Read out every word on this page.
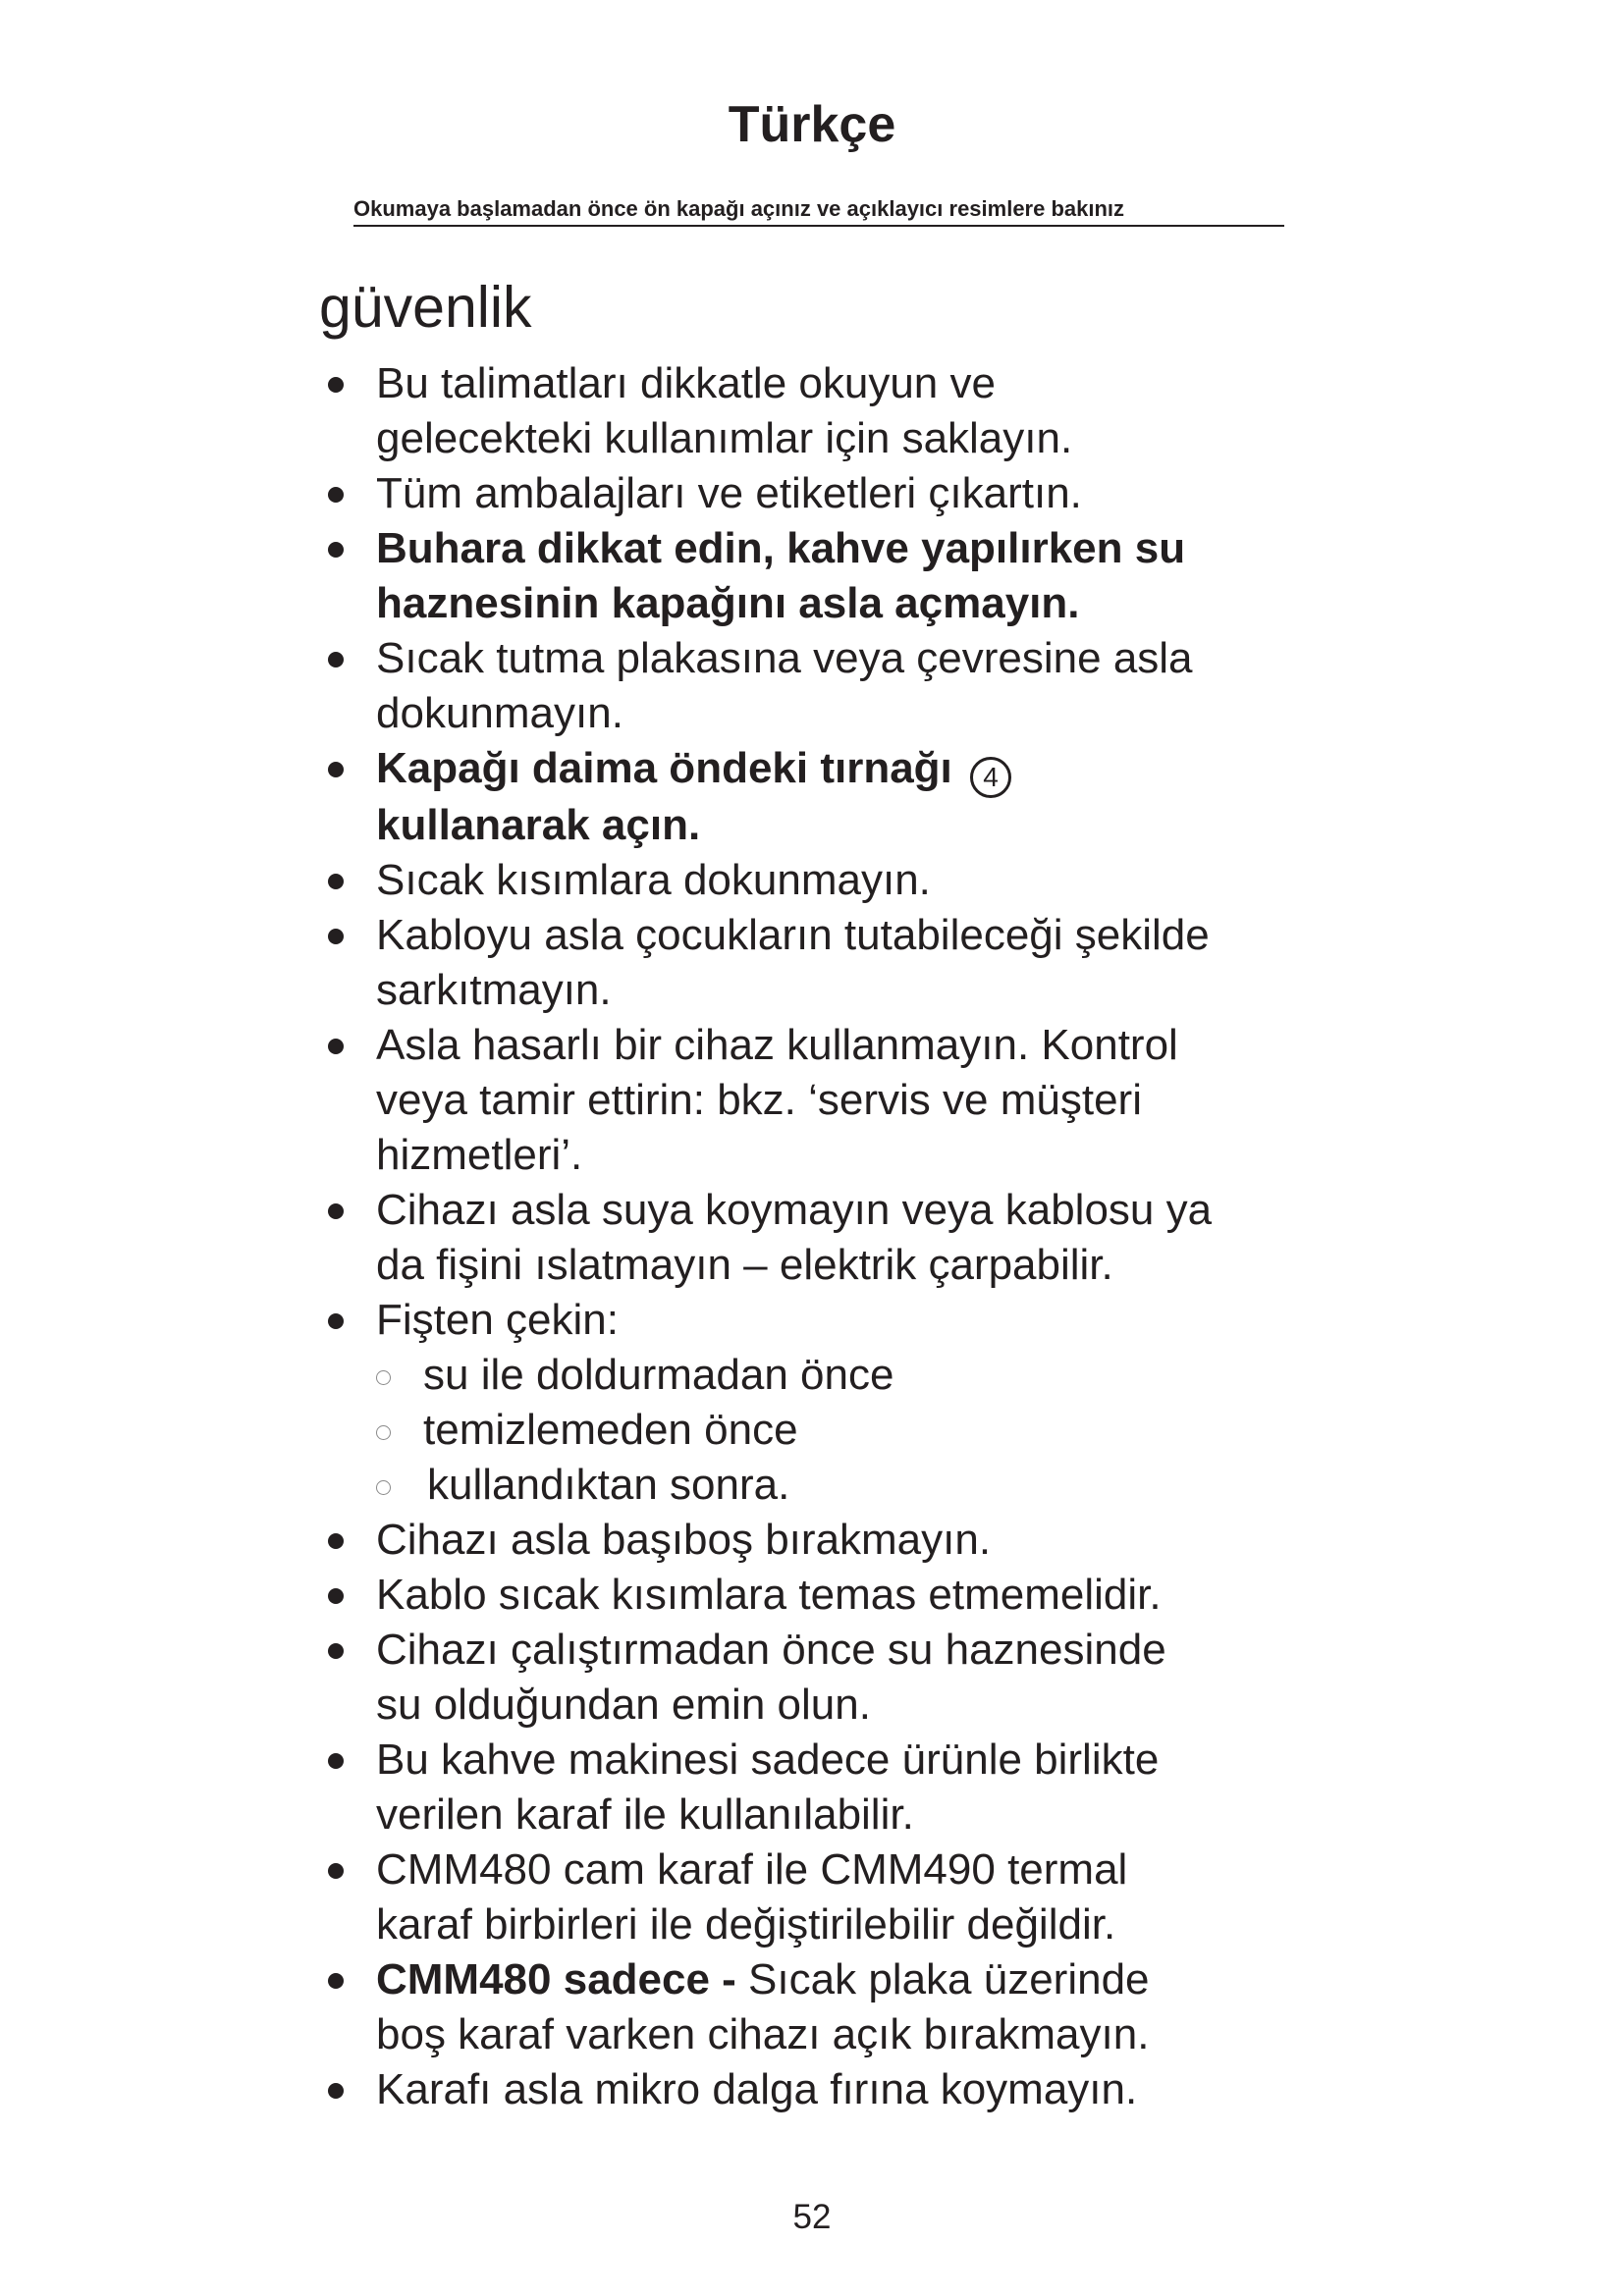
Türkçe
Okumaya başlamadan önce ön kapağı açınız ve açıklayıcı resimlere bakınız
güvenlik
Bu talimatları dikkatle okuyun ve
gelecekteki kullanımlar için saklayın.
Tüm ambalajları ve etiketleri çıkartın.
Buhara dikkat edin, kahve yapılırken su
haznesinin kapağını asla açmayın.
Sıcak tutma plakasına veya çevresine asla
dokunmayın.
Kapağı daima öndeki tırnağı 4
kullanarak açın.
Sıcak kısımlara dokunmayın.
Kabloyu asla çocukların tutabileceği şekilde
sarkıtmayın.
Asla hasarlı bir cihaz kullanmayın. Kontrol
veya tamir ettirin: bkz. ‘servis ve müşteri
hizmetleri’.
Cihazı asla suya koymayın veya kablosu ya
da fişini ıslatmayın – elektrik çarpabilir.
Fişten çekin:
su ile doldurmadan önce
temizlemeden önce
kullandıktan sonra.
Cihazı asla başıboş bırakmayın.
Kablo sıcak kısımlara temas etmemelidir.
Cihazı çalıştırmadan önce su haznesinde
su olduğundan emin olun.
Bu kahve makinesi sadece ürünle birlikte
verilen karaf ile kullanılabilir.
CMM480 cam karaf ile CMM490 termal
karaf birbirleri ile değiştirilebilir değildir.
CMM480 sadece - Sıcak plaka üzerinde
boş karaf varken cihazı açık bırakmayın.
Karafı asla mikro dalga fırına koymayın.
52
